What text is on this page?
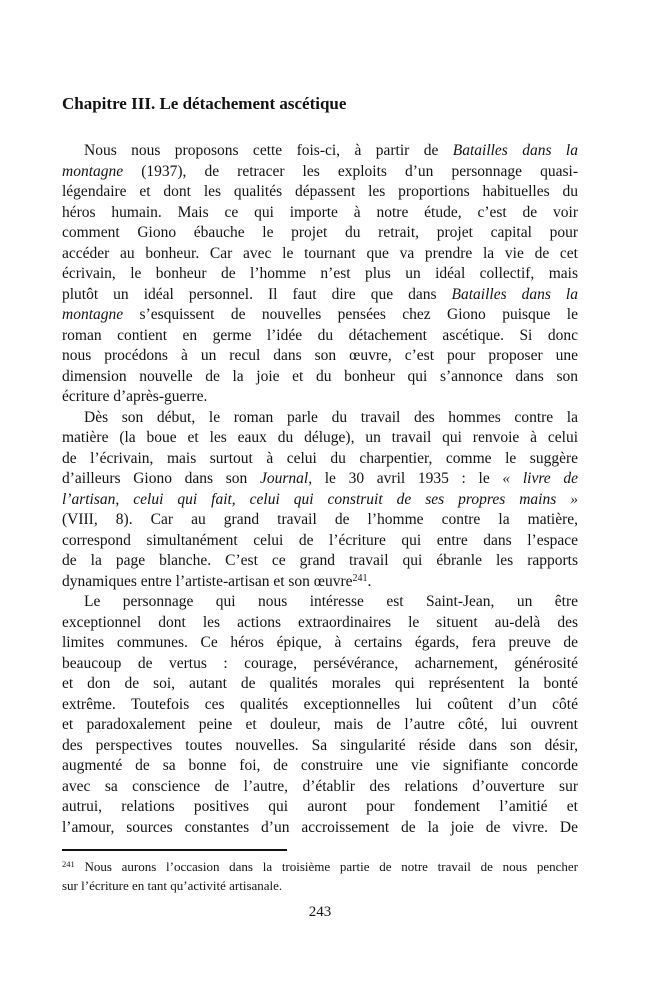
Chapitre III. Le détachement ascétique
Nous nous proposons cette fois-ci, à partir de Batailles dans la
montagne (1937), de retracer les exploits d’un personnage quasi-
légendaire et dont les qualités dépassent les proportions habituelles du
héros humain. Mais ce qui importe à notre étude, c’est de voir
comment Giono ébauche le projet du retrait, projet capital pour
accéder au bonheur. Car avec le tournant que va prendre la vie de cet
écrivain, le bonheur de l’homme n’est plus un idéal collectif, mais
plutôt un idéal personnel. Il faut dire que dans Batailles dans la
montagne s’esquissent de nouvelles pensées chez Giono puisque le
roman contient en germe l’idée du détachement ascétique. Si donc
nous procédons à un recul dans son œuvre, c’est pour proposer une
dimension nouvelle de la joie et du bonheur qui s’annonce dans son
écriture d’après-guerre.
Dès son début, le roman parle du travail des hommes contre la
matière (la boue et les eaux du déluge), un travail qui renvoie à celui
de l’écrivain, mais surtout à celui du charpentier, comme le suggère
d’ailleurs Giono dans son Journal, le 30 avril 1935 : le « livre de
l’artisan, celui qui fait, celui qui construit de ses propres mains »
(VIII, 8). Car au grand travail de l’homme contre la matière,
correspond simultanément celui de l’écriture qui entre dans l’espace
de la page blanche. C’est ce grand travail qui ébranle les rapports
dynamiques entre l’artiste-artisan et son œuvre$^{241}$.
Le personnage qui nous intéresse est Saint-Jean, un être
exceptionnel dont les actions extraordinaires le situent au-delà des
limites communes. Ce héros épique, à certains égards, fera preuve de
beaucoup de vertus : courage, persévérance, acharnement, générosité
et don de soi, autant de qualités morales qui représentent la bonté
extrême. Toutefois ces qualités exceptionnelles lui coûtent d’un côté
et paradoxalement peine et douleur, mais de l’autre côté, lui ouvrent
des perspectives toutes nouvelles. Sa singularité réside dans son désir,
augmenté de sa bonne foi, de construire une vie signifiante concorde
avec sa conscience de l’autre, d’établir des relations d’ouverture sur
autrui, relations positives qui auront pour fondement l’amitié et
l’amour, sources constantes d’un accroissement de la joie de vivre. De
$^{241}$ Nous aurons l’occasion dans la troisième partie de notre travail de nous pencher
sur l’écriture en tant qu’activité artisanale.
243
